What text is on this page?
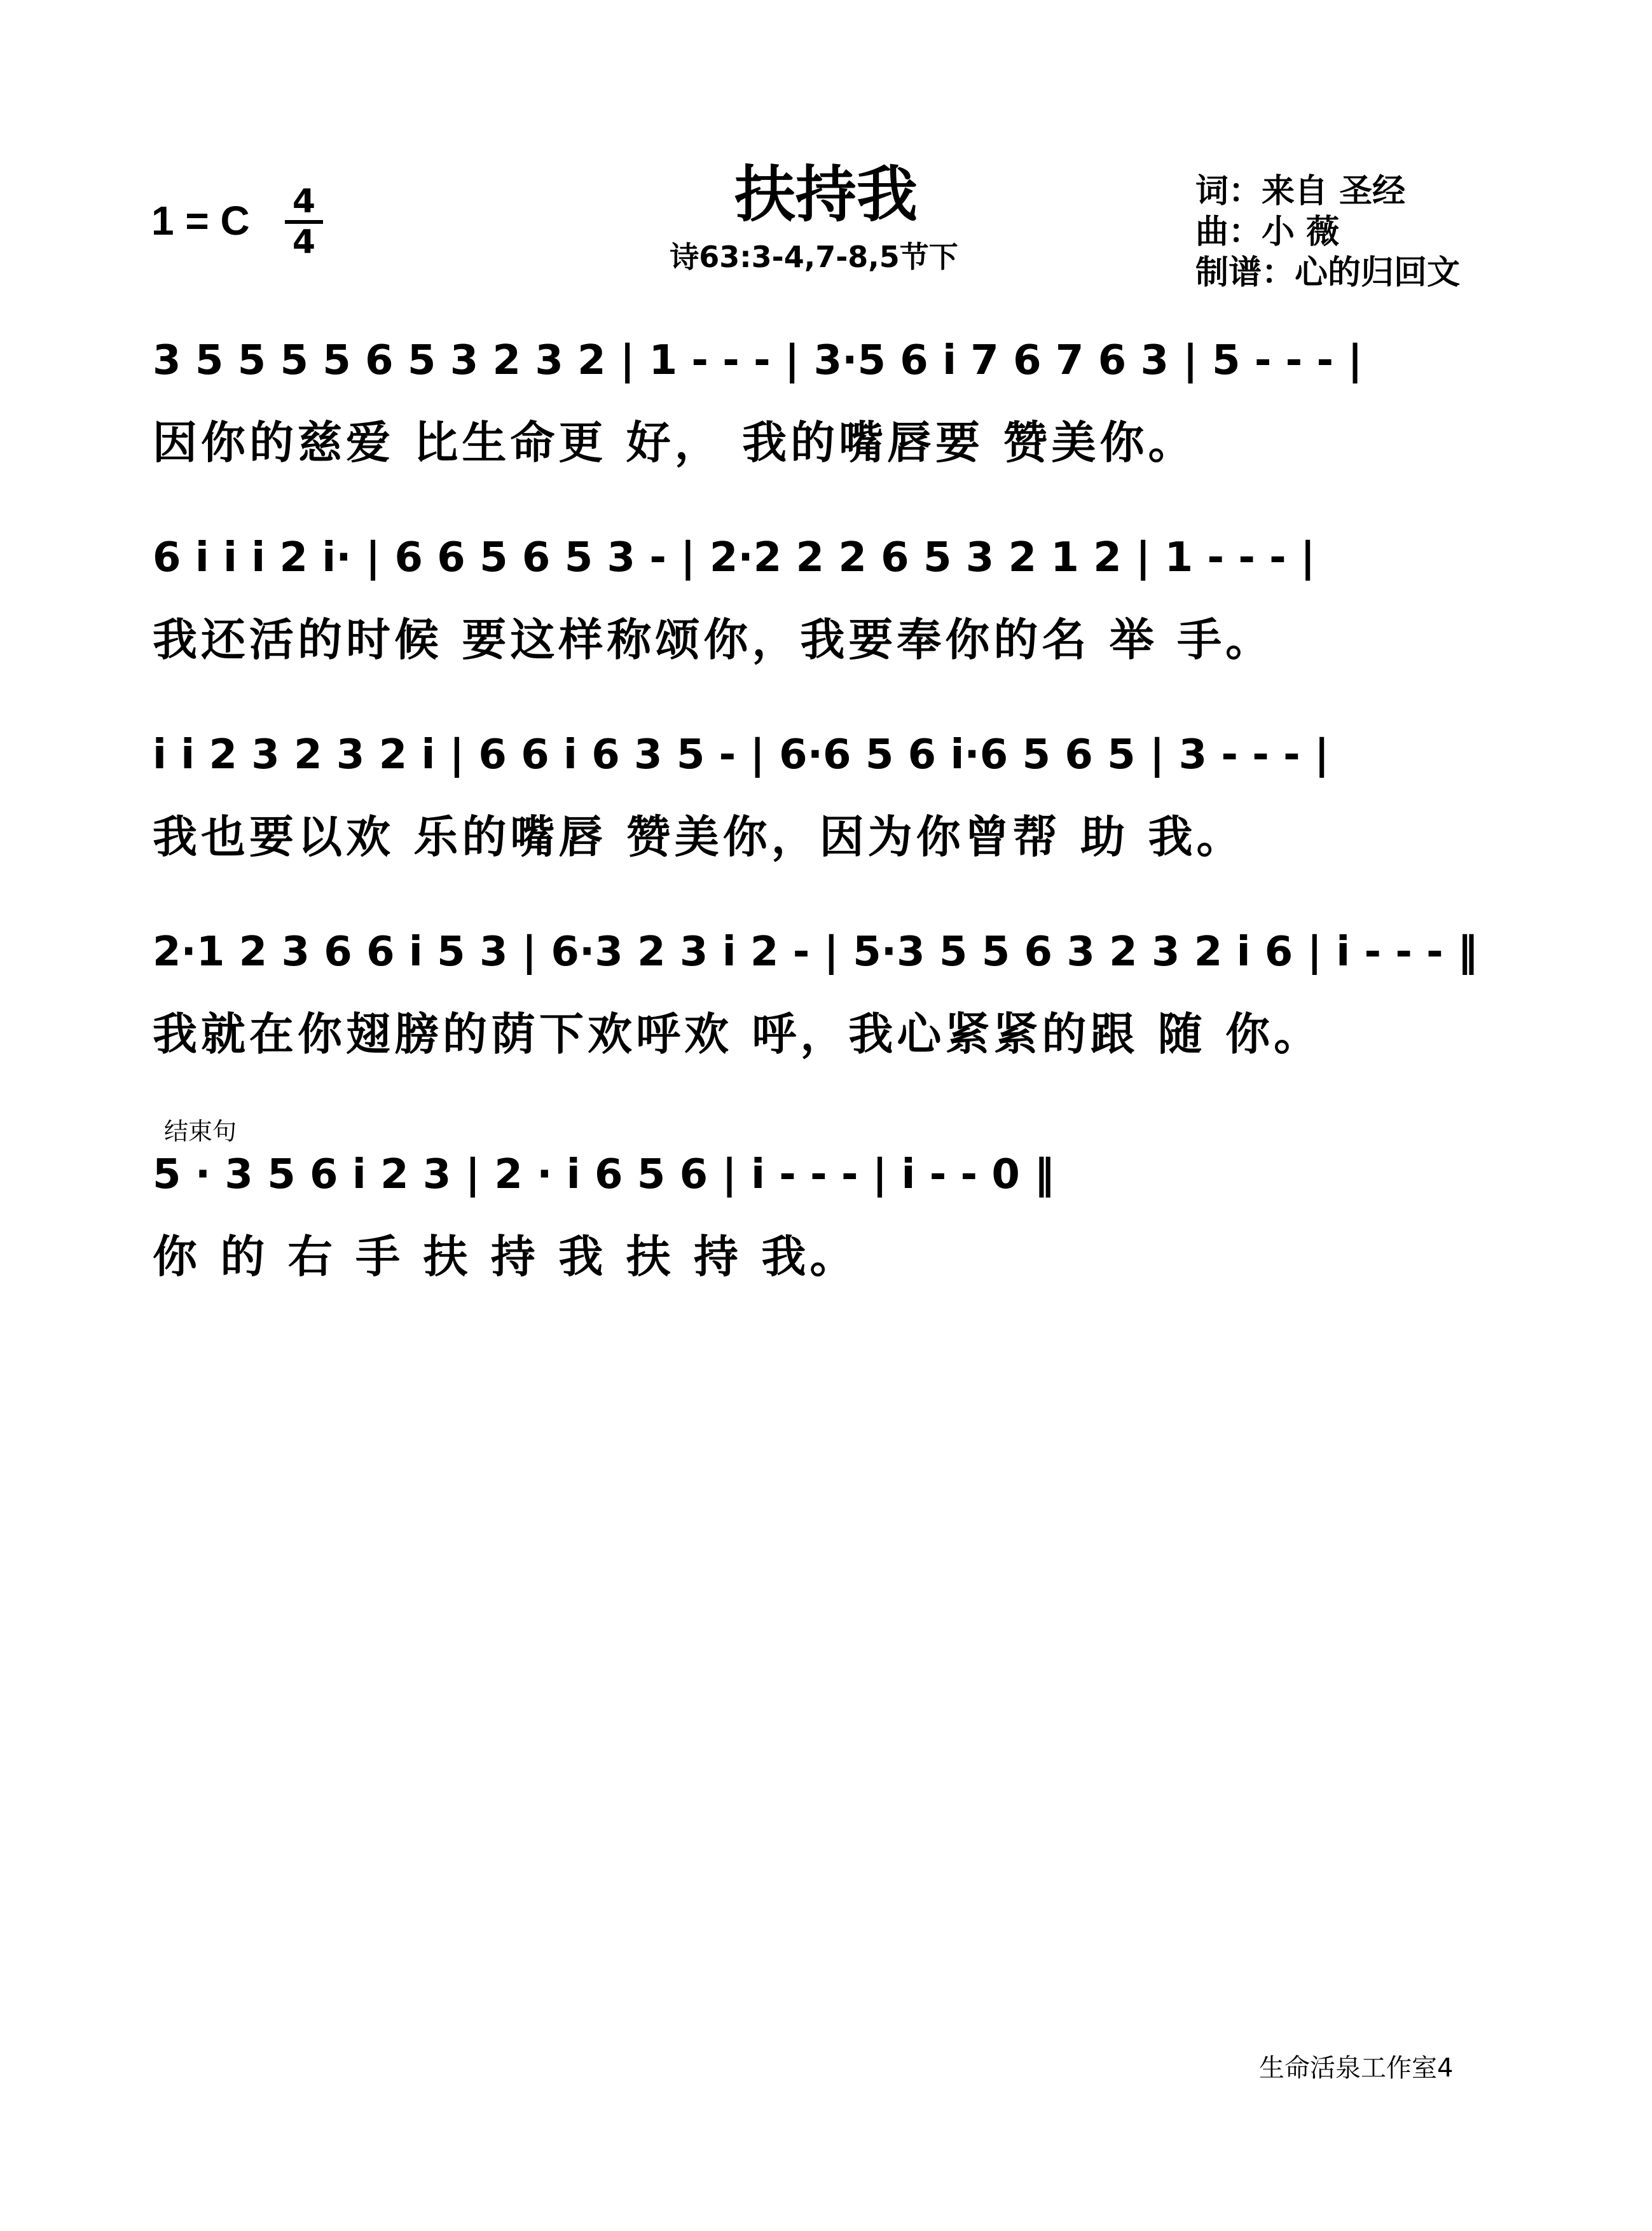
扶持我
诗63:3-4,7-8,5节下
1 = C 4
4
词：来自 圣经
曲：小 薇
制谱：心的归回文
3 5 5 5 5 6 5 3 2 3 2 | 1 - - - | 3·5 6 i 7 6 7 6 3 | 5 - - - |
因你的慈爱 比生命更 好， 我的嘴唇要 赞美你。
6 i i i 2 i· | 6 6 5 6 5 3 - | 2·2 2 2 6 5 3 2 1 2 | 1 - - - |
我还活的时候 要这样称颂你，我要奉你的名 举 手。
i i 2 3 2 3 2 i | 6 6 i 6 3 5 - | 6·6 5 6 i·6 5 6 5 | 3 - - - |
我也要以欢 乐的嘴唇 赞美你，因为你曾帮 助 我。
2·1 2 3 6 6 i 5 3 | 6·3 2 3 i 2 - | 5·3 5 5 6 3 2 3 2 i 6 | i - - - ‖
我就在你翅膀的荫下欢呼欢 呼，我心紧紧的跟 随 你。
结束句
5 · 3 5 6 i 2 3 | 2 · i 6 5 6 | i - - - | i - - 0 ‖
你 的 右 手 扶 持 我 扶 持 我。
生命活泉工作室4
